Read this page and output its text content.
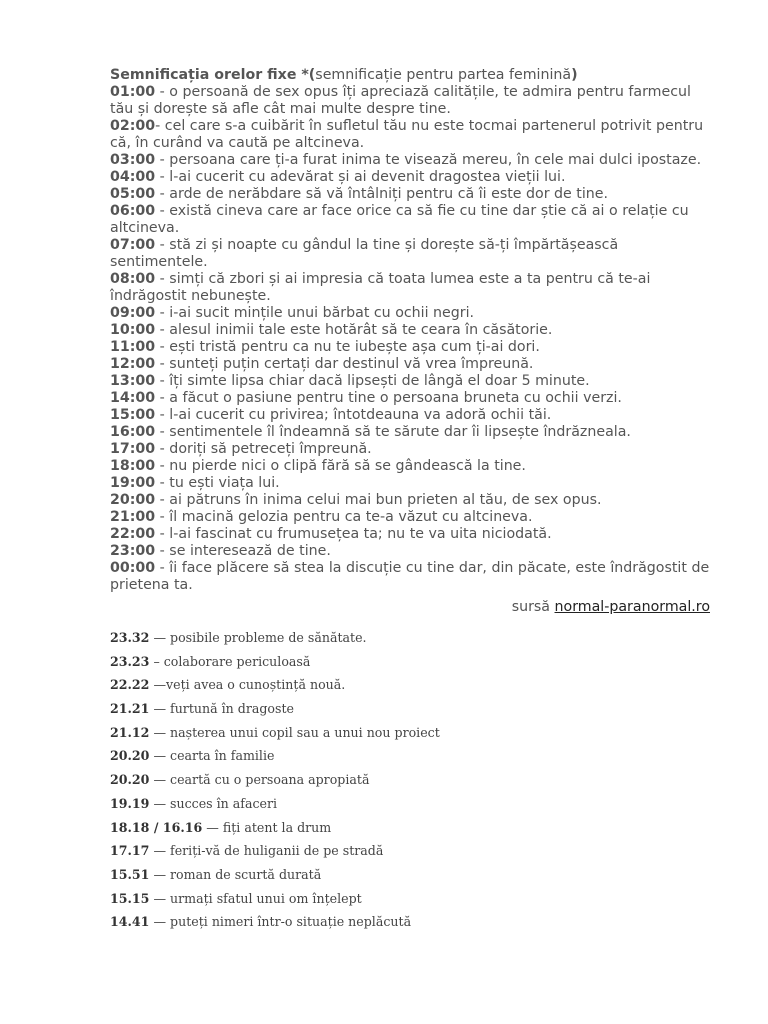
Semnificația orelor fixe *(semnificație pentru partea feminină)

01:00 - o persoană de sex opus îți apreciază calitățile, te admira pentru farmecul tău și dorește să afle cât mai multe despre tine.

02:00- cel care s-a cuibărit în sufletul tău nu este tocmai partenerul potrivit pentru că, în curând va caută pe altcineva.

03:00 - persoana care ți-a furat inima te visează mereu, în cele mai dulci ipostaze.

04:00 - l-ai cucerit cu adevărat și ai devenit dragostea vieții lui.

05:00 - arde de nerăbdare să vă întâlniți pentru că îi este dor de tine.

06:00 - există cineva care ar face orice ca să fie cu tine dar știe că ai o relație cu altcineva.

07:00 - stă zi și noapte cu gândul la tine și dorește să-ți împărtășească sentimentele.

08:00 - simți că zbori și ai impresia că toata lumea este a ta pentru că te-ai îndrăgostit nebunește.

09:00 - i-ai sucit mințile unui bărbat cu ochii negri.

10:00 - alesul inimii tale este hotărât să te ceara în căsătorie.

11:00 - ești tristă pentru ca nu te iubește așa cum ți-ai dori.

12:00 - sunteți puțin certați dar destinul vă vrea împreună.

13:00 - îți simte lipsa chiar dacă lipsești de lângă el doar 5 minute.

14:00 - a făcut o pasiune pentru tine o persoana bruneta cu ochii verzi.

15:00 - l-ai cucerit cu privirea; întotdeauna va adoră ochii tăi.

16:00 - sentimentele îl îndeamnă să te sărute dar îi lipsește îndrăzneala.

17:00 - doriți să petreceți împreună.

18:00 - nu pierde nici o clipă fără să se gândească la tine.

19:00 - tu ești viața lui.

20:00 - ai pătruns în inima celui mai bun prieten al tău, de sex opus.

21:00 - îl macină gelozia pentru ca te-a văzut cu altcineva.

22:00 - l-ai fascinat cu frumusețea ta; nu te va uita niciodată.

23:00 - se interesează de tine.

00:00 - îi face plăcere să stea la discuție cu tine dar, din păcate, este îndrăgostit de prietena ta.

sursă normal-paranormal.ro
23.32 — posibile probleme de sănătate.
23.23 – colaborare periculoasă
22.22 —veți avea o cunoștință nouă.
21.21 — furtună în dragoste
21.12 — nașterea unui copil sau a unui nou proiect
20.20 — cearta în familie
20.20 — ceartă cu o persoana apropiată
19.19 — succes în afaceri
18.18 / 16.16 — fiți atent la drum
17.17 — feriți-vă de huliganii de pe stradă
15.51 — roman de scurtă durată
15.15 — urmați sfatul unui om înțelept
14.41 — puteți nimeri într-o situație neplăcută
